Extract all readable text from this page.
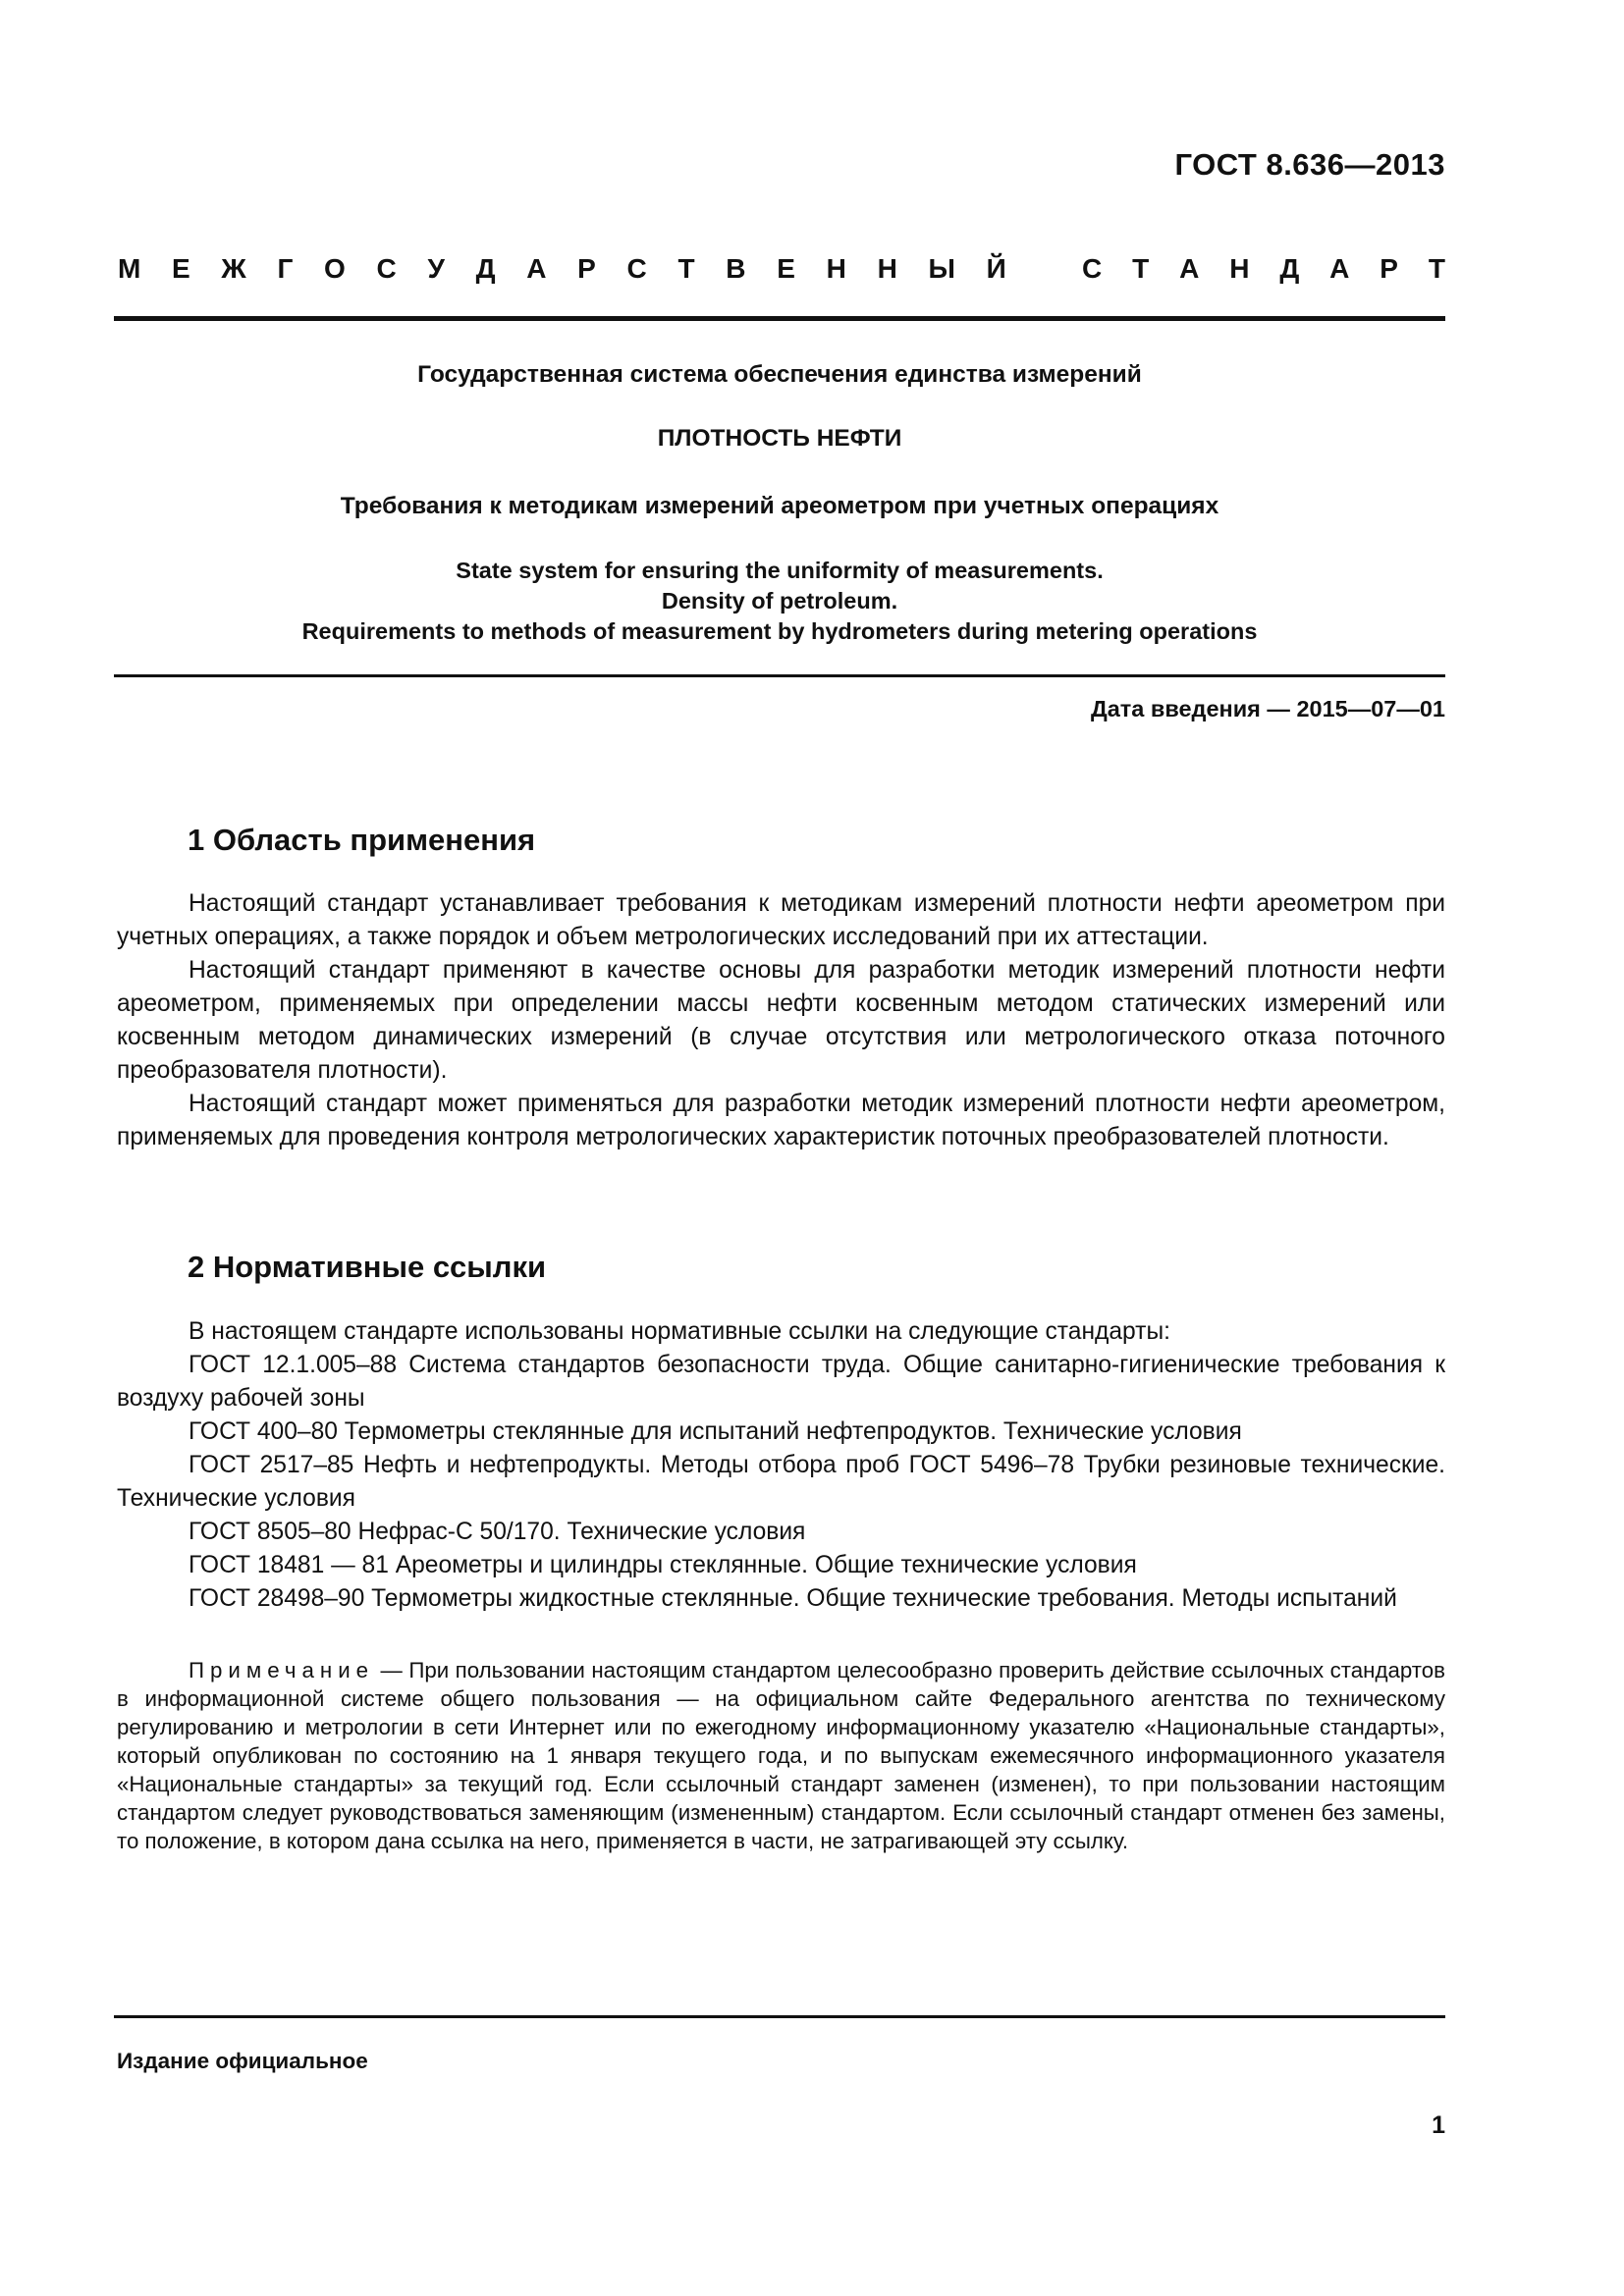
ГОСТ 8.636—2013
М Е Ж Г О С У Д А Р С Т В Е Н Н Ы Й	С Т А Н Д А Р Т
Государственная система обеспечения единства измерений
ПЛОТНОСТЬ НЕФТИ
Требования к методикам измерений ареометром при учетных операциях
State system for ensuring the uniformity of measurements.
Density of petroleum.
Requirements to methods of measurement by hydrometers during metering operations
Дата введения — 2015—07—01
1 Область применения

Настоящий стандарт устанавливает требования к методикам измерений плотности нефти ареометром при учетных операциях, а также порядок и объем метрологических исследований при их аттестации.

Настоящий стандарт применяют в качестве основы для разработки методик измерений плотности нефти ареометром, применяемых при определении массы нефти косвенным методом статических измерений или косвенным методом динамических измерений (в случае отсутствия или метрологического отказа поточного преобразователя плотности).

Настоящий стандарт может применяться для разработки методик измерений плотности нефти ареометром, применяемых для проведения контроля метрологических характеристик поточных преобразователей плотности.

2 Нормативные ссылки

В настоящем стандарте использованы нормативные ссылки на следующие стандарты:

ГОСТ 12.1.005–88 Система стандартов безопасности труда. Общие санитарно-гигиенические требования к воздуху рабочей зоны

ГОСТ 400–80 Термометры стеклянные для испытаний нефтепродуктов. Технические условия

ГОСТ 2517–85 Нефть и нефтепродукты. Методы отбора проб ГОСТ 5496–78 Трубки резиновые технические. Технические условия

ГОСТ 8505–80 Нефрас-С 50/170. Технические условия

ГОСТ 18481 — 81 Ареометры и цилиндры стеклянные. Общие технические условия

ГОСТ 28498–90 Термометры жидкостные стеклянные. Общие технические требования. Методы испытаний

Примечание — При пользовании настоящим стандартом целесообразно проверить действие ссылочных стандартов в информационной системе общего пользования — на официальном сайте Федерального агентства по техническому регулированию и метрологии в сети Интернет или по ежегодному информационному указателю «Национальные стандарты», который опубликован по состоянию на 1 января текущего года, и по выпускам ежемесячного информационного указателя «Национальные стандарты» за текущий год. Если ссылочный стандарт заменен (изменен), то при пользовании настоящим стандартом следует руководствоваться заменяющим (измененным) стандартом. Если ссылочный стандарт отменен без замены, то положение, в котором дана ссылка на него, применяется в части, не затрагивающей эту ссылку.

Издание официальное
1
